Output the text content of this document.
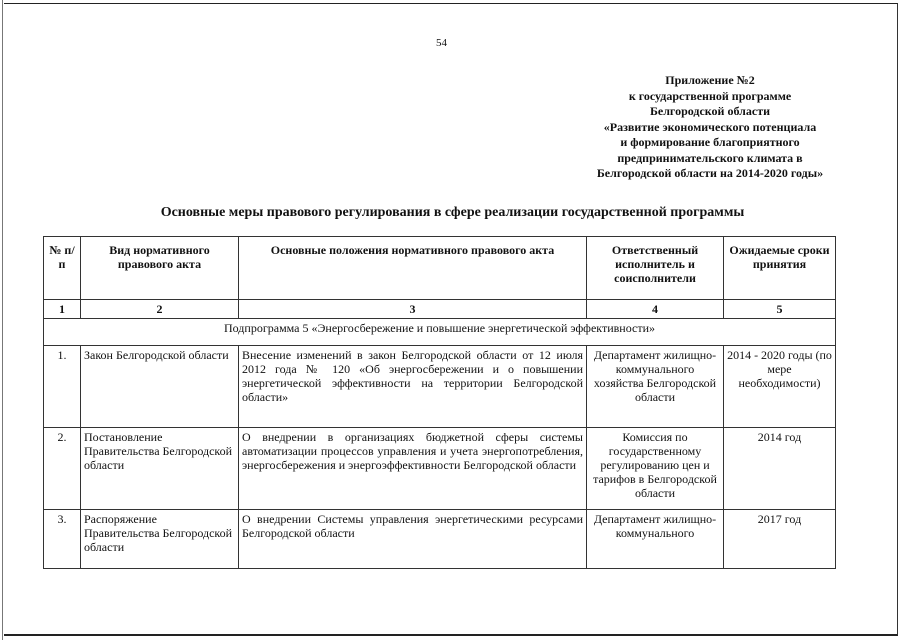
54
Приложение №2
к государственной программе
Белгородской области
«Развитие экономического потенциала
и формирование благоприятного
предпринимательского климата в
Белгородской области на 2014-2020 годы»
Основные меры правового регулирования в сфере реализации государственной программы
№ п/п	Вид нормативного правового акта	Основные положения нормативного правового акта	Ответственный исполнитель и соисполнители	Ожидаемые сроки принятия
1	2	3	4	5
Подпрограмма 5 «Энергосбережение и повышение энергетической эффективности»				
1.	Закон Белгородской области	Внесение изменений в закон Белгородской области от 12 июля 2012 года № 120 «Об энергосбережении и о повышении энергетической эффективности на территории Белгородской области»	Департамент жилищно-коммунального хозяйства Белгородской области	2014 - 2020 годы (по мере необходимости)
2.	Постановление Правительства Белгородской области	О внедрении в организациях бюджетной сферы системы автоматизации процессов управления и учета энергопотребления, энергосбережения и энергоэффективности Белгородской области	Комиссия по государственному регулированию цен и тарифов в Белгородской области	2014 год
3.	Распоряжение Правительства Белгородской области	О внедрении Системы управления энергетическими ресурсами Белгородской области	Департамент жилищно-коммунального	2017 год
